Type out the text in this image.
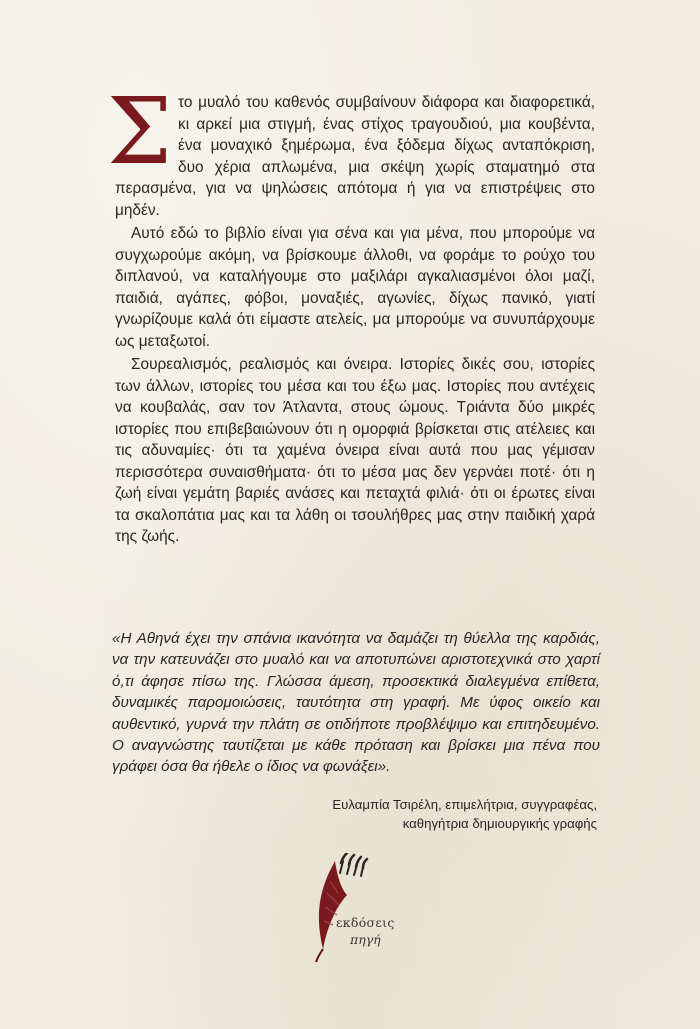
Στο μυαλό του καθενός συμβαίνουν διάφορα και διαφορετικά, κι αρκεί μια στιγμή, ένας στίχος τραγουδιού, μια κουβέντα, ένα μοναχικό ξημέρωμα, ένα ξόδεμα δίχως ανταπόκριση, δυο χέρια απλωμένα, μια σκέψη χωρίς σταματημό στα περασμένα, για να ψηλώσεις απότομα ή για να επιστρέψεις στο μηδέν.

Αυτό εδώ το βιβλίο είναι για σένα και για μένα, που μπορούμε να συγχωρούμε ακόμη, να βρίσκουμε άλλοθι, να φοράμε το ρούχο του διπλανού, να καταλήγουμε στο μαξιλάρι αγκαλιασμένοι όλοι μαζί, παιδιά, αγάπες, φόβοι, μοναξιές, αγωνίες, δίχως πανικό, γιατί γνωρίζουμε καλά ότι είμαστε ατελείς, μα μπορούμε να συνυπάρχουμε ως μεταξωτοί.

Σουρεαλισμός, ρεαλισμός και όνειρα. Ιστορίες δικές σου, ιστορίες των άλλων, ιστορίες του μέσα και του έξω μας. Ιστορίες που αντέχεις να κουβαλάς, σαν τον Άτλαντα, στους ώμους. Τριάντα δύο μικρές ιστορίες που επιβεβαιώνουν ότι η ομορφιά βρίσκεται στις ατέλειες και τις αδυναμίες· ότι τα χαμένα όνειρα είναι αυτά που μας γέμισαν περισσότερα συναισθήματα· ότι το μέσα μας δεν γερνάει ποτέ· ότι η ζωή είναι γεμάτη βαριές ανάσες και πεταχτά φιλιά· ότι οι έρωτες είναι τα σκαλοπάτια μας και τα λάθη οι τσουλήθρες μας στην παιδική χαρά της ζωής.

«Η Αθηνά έχει την σπάνια ικανότητα να δαμάζει τη θύελλα της καρδιάς, να την κατευνάζει στο μυαλό και να αποτυπώνει αριστοτεχνικά στο χαρτί ό,τι άφησε πίσω της. Γλώσσα άμεση, προσεκτικά διαλεγμένα επίθετα, δυναμικές παρομοιώσεις, ταυτότητα στη γραφή. Με ύφος οικείο και αυθεντικό, γυρνά την πλάτη σε οτιδήποτε προβλέψιμο και επιτηδευμένο. Ο αναγνώστης ταυτίζεται με κάθε πρόταση και βρίσκει μια πένα που γράφει όσα θα ήθελε ο ίδιος να φωνάξει».
Ευλαμπία Τσιρέλη, επιμελήτρια, συγγραφέας,
καθηγήτρια δημιουργικής γραφής
εκδόσεις
πηγή
